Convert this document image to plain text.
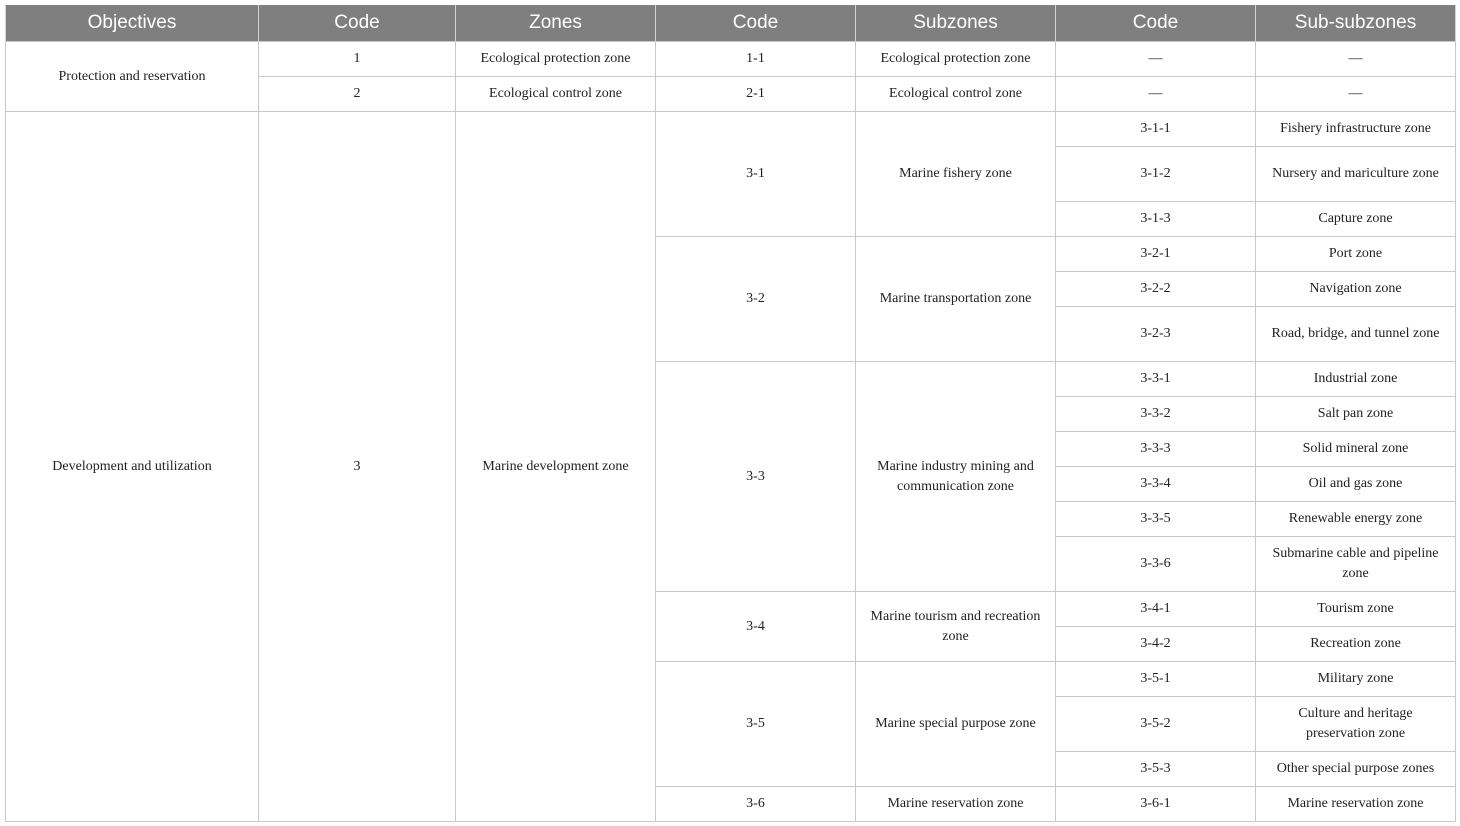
Objectives	Code	Zones	Code	Subzones	Code	Sub-subzones
Protection and reservation	1	Ecological protection zone	1-1	Ecological protection zone	—	—
	2	Ecological control zone	2-1	Ecological control zone	—	—
Development and utilization	3	Marine development zone	3-1	Marine fishery zone	3-1-1	Fishery infrastructure zone
					3-1-2	Nursery and mariculture zone
					3-1-3	Capture zone
			3-2	Marine transportation zone	3-2-1	Port zone
					3-2-2	Navigation zone
					3-2-3	Road, bridge, and tunnel zone
			3-3	Marine industry mining and communication zone	3-3-1	Industrial zone
					3-3-2	Salt pan zone
					3-3-3	Solid mineral zone
					3-3-4	Oil and gas zone
					3-3-5	Renewable energy zone
					3-3-6	Submarine cable and pipeline zone
			3-4	Marine tourism and recreation zone	3-4-1	Tourism zone
					3-4-2	Recreation zone
			3-5	Marine special purpose zone	3-5-1	Military zone
					3-5-2	Culture and heritage preservation zone
					3-5-3	Other special purpose zones
			3-6	Marine reservation zone	3-6-1	Marine reservation zone
